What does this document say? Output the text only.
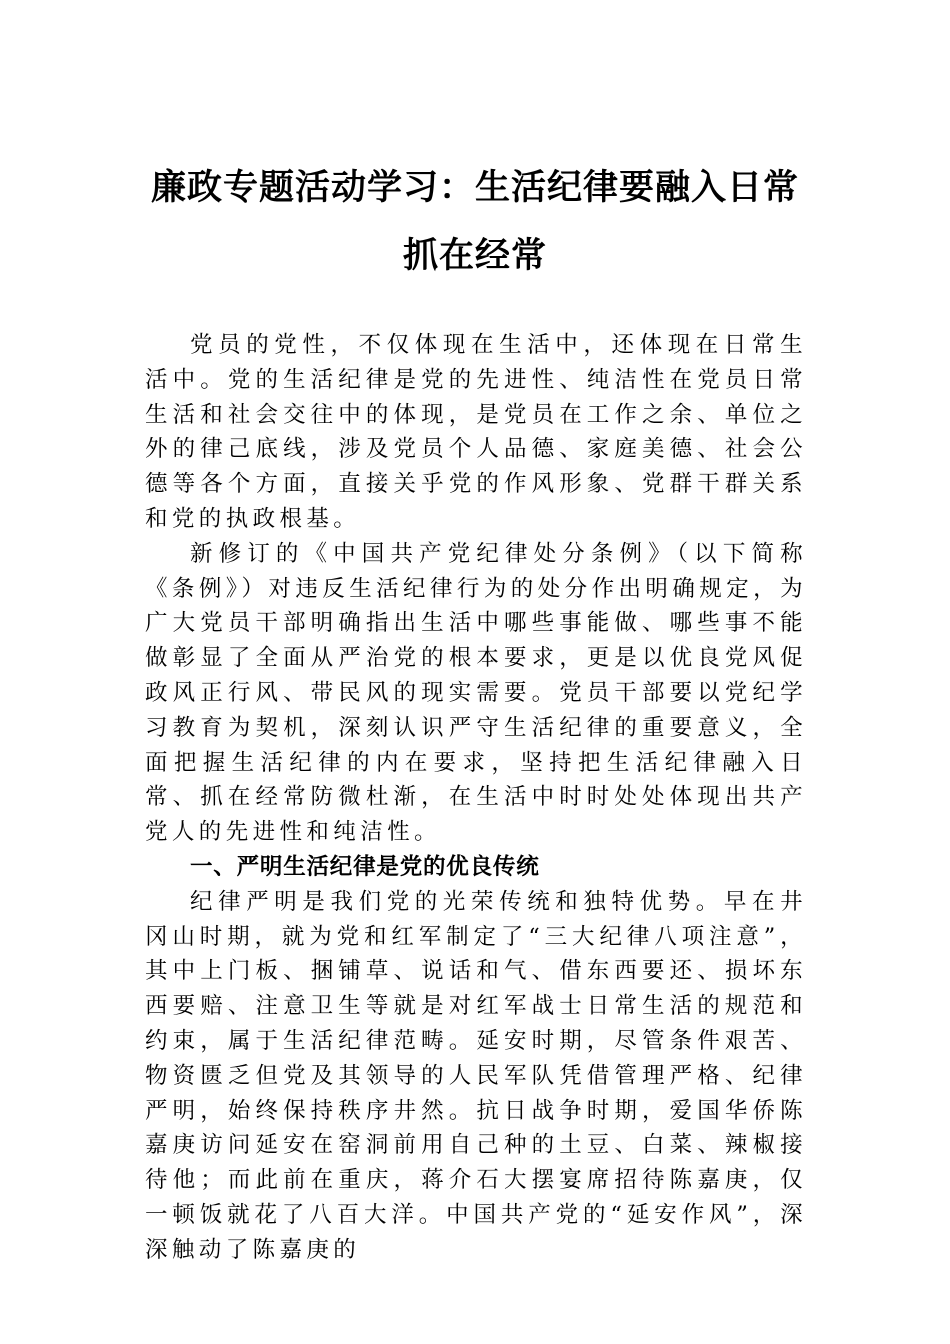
廉政专题活动学习：生活纪律要融入日常
抓在经常

党员的党性，不仅体现在生活中，还体现在日常生活中。党的生活纪律是党的先进性、纯洁性在党员日常生活和社会交往中的体现，是党员在工作之余、单位之外的律己底线，涉及党员个人品德、家庭美德、社会公德等各个方面，直接关乎党的作风形象、党群干群关系和党的执政根基。

新修订的《中国共产党纪律处分条例》（以下简称《条例》）对违反生活纪律行为的处分作出明确规定，为广大党员干部明确指出生活中哪些事能做、哪些事不能做彰显了全面从严治党的根本要求，更是以优良党风促政风正行风、带民风的现实需要。党员干部要以党纪学习教育为契机，深刻认识严守生活纪律的重要意义，全面把握生活纪律的内在要求，坚持把生活纪律融入日常、抓在经常防微杜渐，在生活中时时处处体现出共产党人的先进性和纯洁性。

一、严明生活纪律是党的优良传统

纪律严明是我们党的光荣传统和独特优势。早在井冈山时期，就为党和红军制定了“三大纪律八项注意”，其中上门板、捆铺草、说话和气、借东西要还、损坏东西要赔、注意卫生等就是对红军战士日常生活的规范和约束，属于生活纪律范畴。延安时期，尽管条件艰苦、物资匮乏但党及其领导的人民军队凭借管理严格、纪律严明，始终保持秩序井然。抗日战争时期，爱国华侨陈嘉庚访问延安在窑洞前用自己种的土豆、白菜、辣椒接待他；而此前在重庆，蒋介石大摆宴席招待陈嘉庚，仅一顿饭就花了八百大洋。中国共产党的“延安作风”，深深触动了陈嘉庚的
